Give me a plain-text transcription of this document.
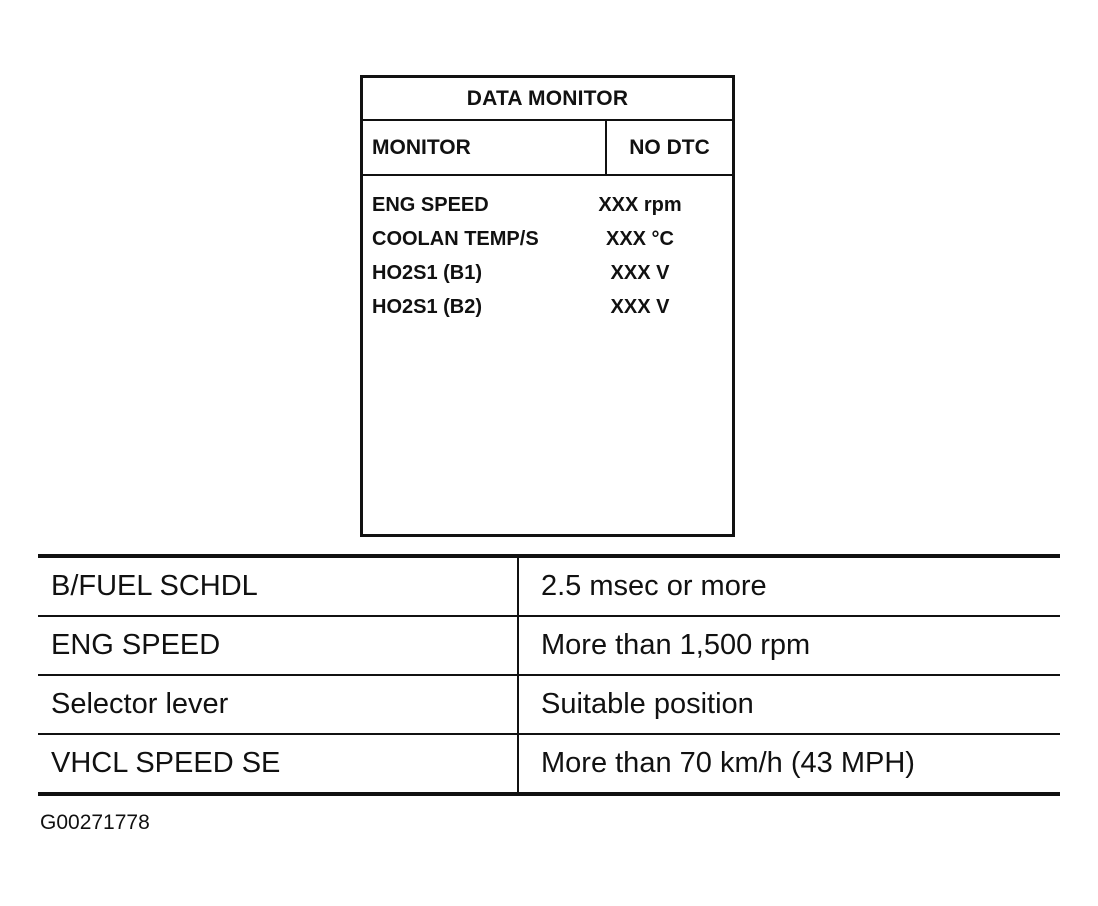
DATA MONITOR
MONITOR	NO DTC
ENG SPEED	XXX rpm
COOLAN TEMP/S	XXX °C
HO2S1 (B1)	XXX V
HO2S1 (B2)	XXX V
B/FUEL SCHDL	2.5 msec or more
ENG SPEED	More than 1,500 rpm
Selector lever	Suitable position
VHCL SPEED SE	More than 70 km/h (43 MPH)
G00271778
